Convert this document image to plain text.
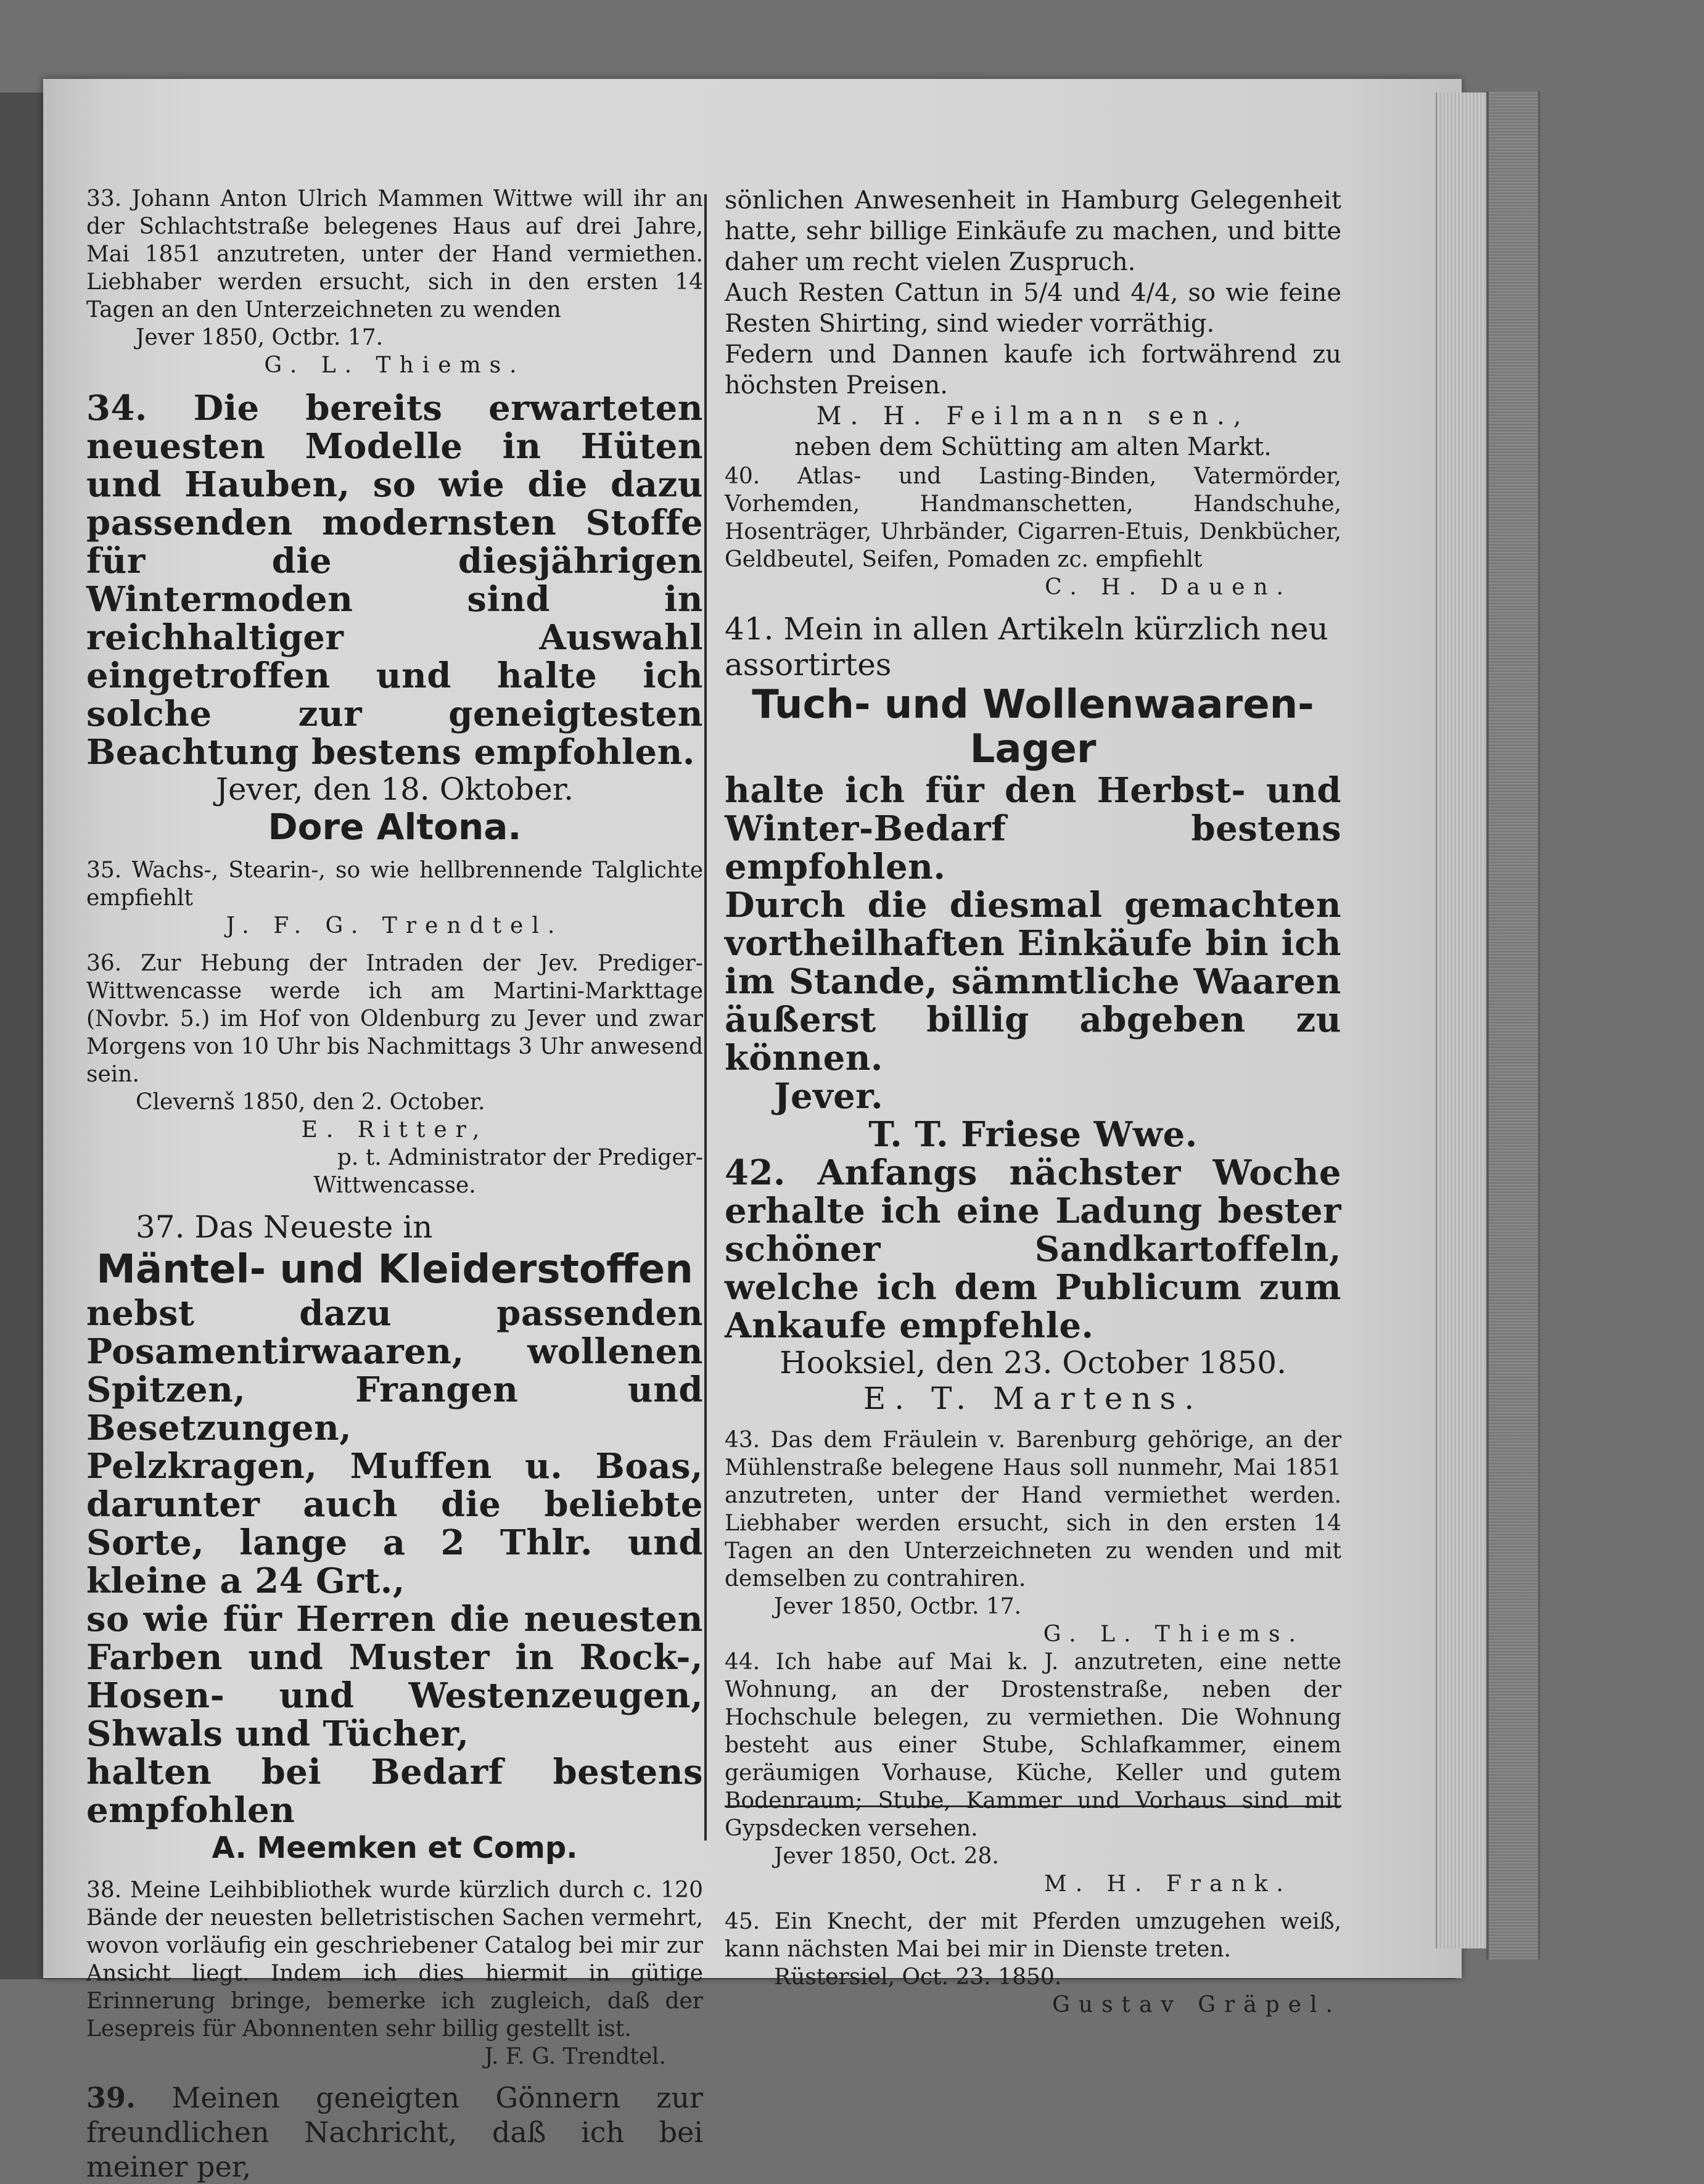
33. Johann Anton Ulrich Mammen Wittwe will ihr an der Schlachtstraße belegenes Haus auf drei Jahre, Mai 1851 anzutreten, unter der Hand vermiethen. Liebhaber werden ersucht, sich in den ersten 14 Tagen an den Unterzeichneten zu wenden

Jever 1850, Octbr. 17.

G. L. Thiems.

34. Die bereits erwarteten neuesten Modelle in Hüten und Hauben, so wie die dazu passenden modernsten Stoffe für die diesjährigen Wintermoden sind in reichhaltiger Auswahl eingetroffen und halte ich solche zur geneigtesten Beachtung bestens empfohlen.

Jever, den 18. Oktober.

Dore Altona.

35. Wachs-, Stearin-, so wie hellbrennende Talglichte empfiehlt

J. F. G. Trendtel.

36. Zur Hebung der Intraden der Jev. Prediger-Wittwencasse werde ich am Martini-Markttage (Novbr. 5.) im Hof von Oldenburg zu Jever und zwar Morgens von 10 Uhr bis Nachmittags 3 Uhr anwesend sein.

Clevernš 1850, den 2. October.

E. Ritter,

p. t. Administrator der Prediger-

Wittwencasse.

37. Das Neueste in

Mäntel- und Kleiderstoffen

nebst dazu passenden Posamentirwaaren, wollenen Spitzen, Frangen und Besetzungen,

Pelzkragen, Muffen u. Boas, darunter auch die beliebte Sorte, lange a 2 Thlr. und kleine a 24 Grt.,

so wie für Herren die neuesten Farben und Muster in Rock-, Hosen- und Westenzeugen, Shwals und Tücher,

halten bei Bedarf bestens empfohlen

A. Meemken et Comp.

38. Meine Leihbibliothek wurde kürzlich durch c. 120 Bände der neuesten belletristischen Sachen vermehrt, wovon vorläufig ein geschriebener Catalog bei mir zur Ansicht liegt. Indem ich dies hiermit in gütige Erinnerung bringe, bemerke ich zugleich, daß der Lesepreis für Abonnenten sehr billig gestellt ist.

J. F. G. Trendtel.

39. Meinen geneigten Gönnern zur freundlichen Nachricht, daß ich bei meiner per,

sönlichen Anwesenheit in Hamburg Gelegenheit hatte, sehr billige Einkäufe zu machen, und bitte daher um recht vielen Zuspruch.

Auch Resten Cattun in 5/4 und 4/4, so wie feine Resten Shirting, sind wieder vorräthig.

Federn und Dannen kaufe ich fortwährend zu höchsten Preisen.

M. H. Feilmann sen.,

neben dem Schütting am alten Markt.

40. Atlas- und Lasting-Binden, Vatermörder, Vorhemden, Handmanschetten, Handschuhe, Hosenträger, Uhrbänder, Cigarren-Etuis, Denkbücher, Geldbeutel, Seifen, Pomaden zc. empfiehlt

C. H. Dauen.

41. Mein in allen Artikeln kürzlich neu assortirtes

Tuch- und Wollenwaaren-

Lager

halte ich für den Herbst- und Winter-Bedarf bestens empfohlen.

Durch die diesmal gemachten vortheilhaften Einkäufe bin ich im Stande, sämmtliche Waaren äußerst billig abgeben zu können.

Jever.

T. T. Friese Wwe.

42. Anfangs nächster Woche erhalte ich eine Ladung bester schöner Sandkartoffeln, welche ich dem Publicum zum Ankaufe empfehle.

Hooksiel, den 23. October 1850.

E. T. Martens.

43. Das dem Fräulein v. Barenburg gehörige, an der Mühlenstraße belegene Haus soll nunmehr, Mai 1851 anzutreten, unter der Hand vermiethet werden. Liebhaber werden ersucht, sich in den ersten 14 Tagen an den Unterzeichneten zu wenden und mit demselben zu contrahiren.

Jever 1850, Octbr. 17.

G. L. Thiems.

44. Ich habe auf Mai k. J. anzutreten, eine nette Wohnung, an der Drostenstraße, neben der Hochschule belegen, zu vermiethen. Die Wohnung besteht aus einer Stube, Schlafkammer, einem geräumigen Vorhause, Küche, Keller und gutem Bodenraum; Stube, Kammer und Vorhaus sind mit Gypsdecken versehen.

Jever 1850, Oct. 28.

M. H. Frank.

45. Ein Knecht, der mit Pferden umzugehen weiß, kann nächsten Mai bei mir in Dienste treten.

Rüstersiel, Oct. 23. 1850.

Gustav Gräpel.
